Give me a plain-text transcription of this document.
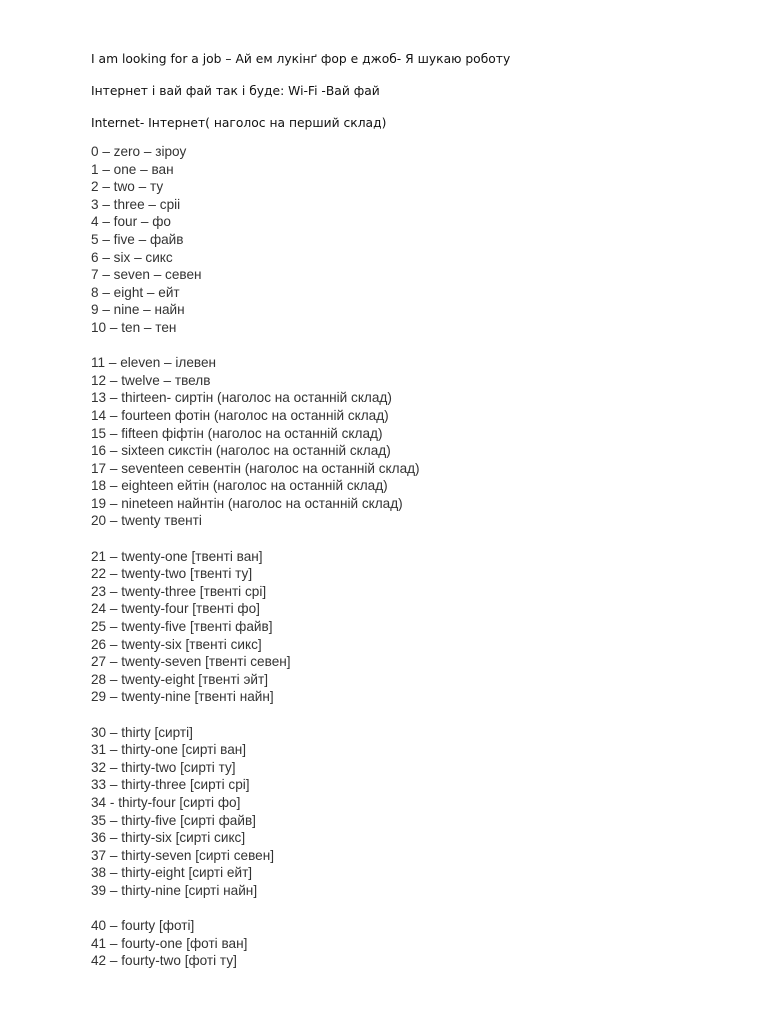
I am looking for a job – Ай ем лукінґ фор е джоб- Я шукаю роботу
Інтернет і вай фай так і буде: Wi-Fi -Вай фай
Internet- Інтернет( наголос на перший склад)
0 – zero – зіроу
1 – one – ван
2 – two – ту
3 – three – сріі
4 – four – фо
5 – five – файв
6 – six – сикс
7 – seven – севен
8 – eight – ейт
9 – nine – найн
10 – ten – тен
11 – eleven – ілевен
12 – twelve – твелв
13 – thirteen- сиртін (наголос на останній склад)
14 – fourteen фотін (наголос на останній склад)
15 – fifteen фіфтін (наголос на останній склад)
16 – sixteen сикстін (наголос на останній склад)
17 – seventeen севентін (наголос на останній склад)
18 – eighteen ейтін (наголос на останній склад)
19 – nineteen найнтін (наголос на останній склад)
20 – twenty твенті
21 – twenty-one [твенті ван]
22 – twenty-two [твенті ту]
23 – twenty-three [твенті срі]
24 – twenty-four [твенті фо]
25 – twenty-five [твенті файв]
26 – twenty-six [твенті сикс]
27 – twenty-seven [твенті севен]
28 – twenty-eight [твенті эйт]
29 – twenty-nine [твенті найн]
30 – thirty [сирті]
31 – thirty-one [сирті ван]
32 – thirty-two [сирті ту]
33 – thirty-three [сирті срі]
34 - thirty-four [сирті фо]
35 – thirty-five [сирті файв]
36 – thirty-six [сирті сикс]
37 – thirty-seven [сирті севен]
38 – thirty-eight [сирті ейт]
39 – thirty-nine [сирті найн]
40 – fourty [фоті]
41 – fourty-one [фоті ван]
42 – fourty-two [фоті ту]
